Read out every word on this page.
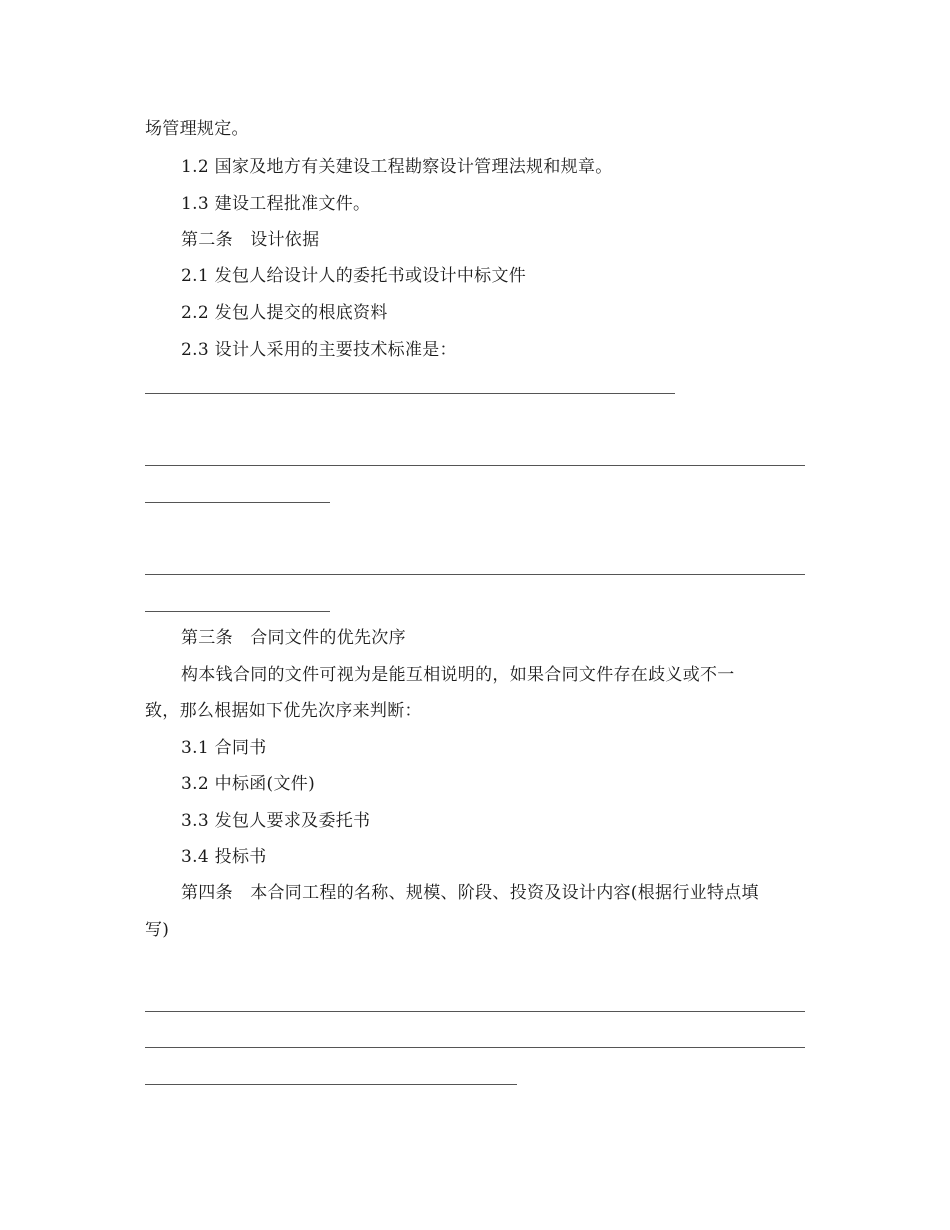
场管理规定。
1.2 国家及地方有关建设工程勘察设计管理法规和规章。
1.3 建设工程批准文件。
第二条　设计依据
2.1 发包人给设计人的委托书或设计中标文件
2.2 发包人提交的根底资料
2.3 设计人采用的主要技术标准是：
第三条　合同文件的优先次序
构本钱合同的文件可视为是能互相说明的，如果合同文件存在歧义或不一
致，那么根据如下优先次序来判断：
3.1 合同书
3.2 中标函(文件)
3.3 发包人要求及委托书
3.4 投标书
第四条　本合同工程的名称、规模、阶段、投资及设计内容(根据行业特点填
写)
